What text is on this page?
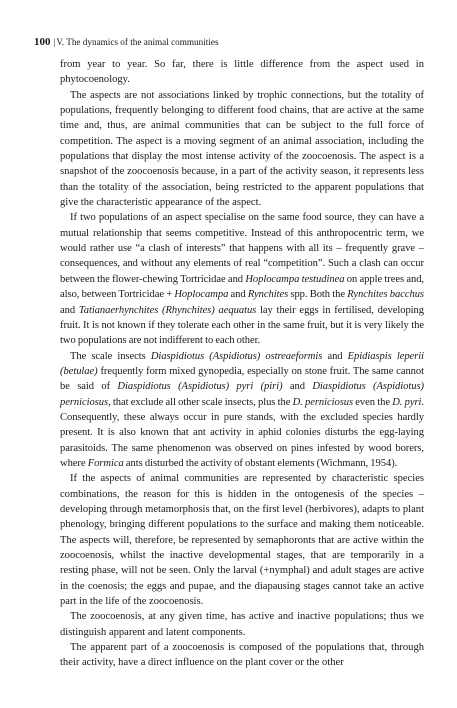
100 |V. The dynamics of the animal communities

from year to year. So far, there is little difference from the aspect used in phytocoenology.

The aspects are not associations linked by trophic connections, but the totality of populations, frequently belonging to different food chains, that are active at the same time and, thus, are animal communities that can be subject to the full force of competition. The aspect is a moving segment of an animal association, including the populations that display the most intense activity of the zoocoenosis. The aspect is a snapshot of the zoocoenosis because, in a part of the activity season, it represents less than the totality of the association, being restricted to the apparent populations that give the characteristic appearance of the aspect.

If two populations of an aspect specialise on the same food source, they can have a mutual relationship that seems competitive. Instead of this anthropocentric term, we would rather use “a clash of interests” that happens with all its – frequently grave – consequences, and without any elements of real “competition”. Such a clash can occur between the flower-chewing Tortricidae and Hoplocampa testudinea on apple trees and, also, between Tortricidae + Hoplocampa and Rynchites spp. Both the Rynchites bacchus and Tatianaerhynchites (Rhynchites) aequatus lay their eggs in fertilised, developing fruit. It is not known if they tolerate each other in the same fruit, but it is very likely the two populations are not indifferent to each other.

The scale insects Diaspidiotus (Aspidiotus) ostreaeformis and Epidiaspis leperii (betulae) frequently form mixed gynopedia, especially on stone fruit. The same cannot be said of Diaspidiotus (Aspidiotus) pyri (piri) and Diaspidiotus (Aspidiotus) perniciosus, that exclude all other scale insects, plus the D. perniciosus even the D. pyri. Consequently, these always occur in pure stands, with the excluded species hardly present. It is also known that ant activity in aphid colonies disturbs the egg-laying parasitoids. The same phenomenon was observed on pines infested by wood borers, where Formica ants disturbed the activity of obstant elements (Wichmann, 1954).

If the aspects of animal communities are represented by characteristic species combinations, the reason for this is hidden in the ontogenesis of the species – developing through metamorphosis that, on the first level (herbivores), adapts to plant phenology, bringing different populations to the surface and making them noticeable. The aspects will, therefore, be represented by semaphoronts that are active within the zoocoenosis, whilst the inactive developmental stages, that are temporarily in a resting phase, will not be seen. Only the larval (+nymphal) and adult stages are active in the coenosis; the eggs and pupae, and the diapausing stages cannot take an active part in the life of the zoocoenosis.

The zoocoenosis, at any given time, has active and inactive populations; thus we distinguish apparent and latent components.

The apparent part of a zoocoenosis is composed of the populations that, through their activity, have a direct influence on the plant cover or the other
